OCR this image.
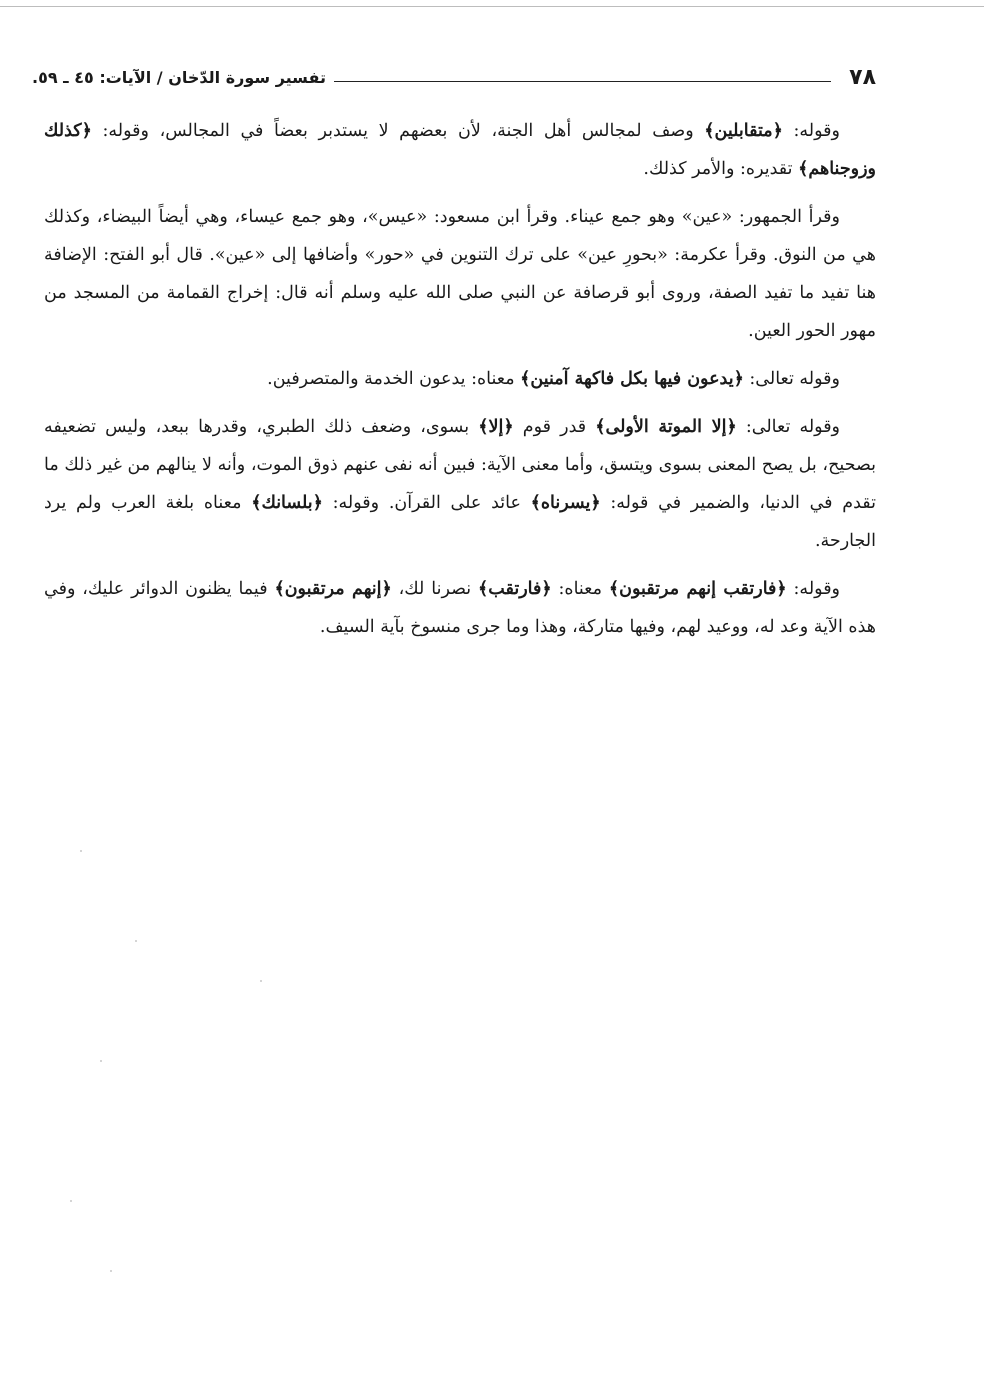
٧٨
تفسير سورة الدّخان / الآيات: ٤٥ ـ ٥٩.

وقوله: ﴿متقابلين﴾ وصف لمجالس أهل الجنة، لأن بعضهم لا يستدبر بعضاً في المجالس، وقوله: ﴿كذلك وزوجناهم﴾ تقديره: والأمر كذلك.

وقرأ الجمهور: «عين» وهو جمع عيناء. وقرأ ابن مسعود: «عيس»، وهو جمع عيساء، وهي أيضاً البيضاء، وكذلك هي من النوق. وقرأ عكرمة: «بحورِ عين» على ترك التنوين في «حور» وأضافها إلى «عين». قال أبو الفتح: الإضافة هنا تفيد ما تفيد الصفة، وروى أبو قرصافة عن النبي صلى الله عليه وسلم أنه قال: إخراج القمامة من المسجد من مهور الحور العين.

وقوله تعالى: ﴿يدعون فيها بكل فاكهة آمنين﴾ معناه: يدعون الخدمة والمتصرفين.

وقوله تعالى: ﴿إلا الموتة الأولى﴾ قدر قوم ﴿إلا﴾ بسوى، وضعف ذلك الطبري، وقدرها ببعد، وليس تضعيفه بصحيح، بل يصح المعنى بسوى ويتسق، وأما معنى الآية: فبين أنه نفى عنهم ذوق الموت، وأنه لا ينالهم من غير ذلك ما تقدم في الدنيا، والضمير في قوله: ﴿يسرناه﴾ عائد على القرآن. وقوله: ﴿بلسانك﴾ معناه بلغة العرب ولم يرد الجارحة.

وقوله: ﴿فارتقب إنهم مرتقبون﴾ معناه: ﴿فارتقب﴾ نصرنا لك، ﴿إنهم مرتقبون﴾ فيما يظنون الدوائر عليك، وفي هذه الآية وعد له، ووعيد لهم، وفيها متاركة، وهذا وما جرى منسوخ بآية السيف.
